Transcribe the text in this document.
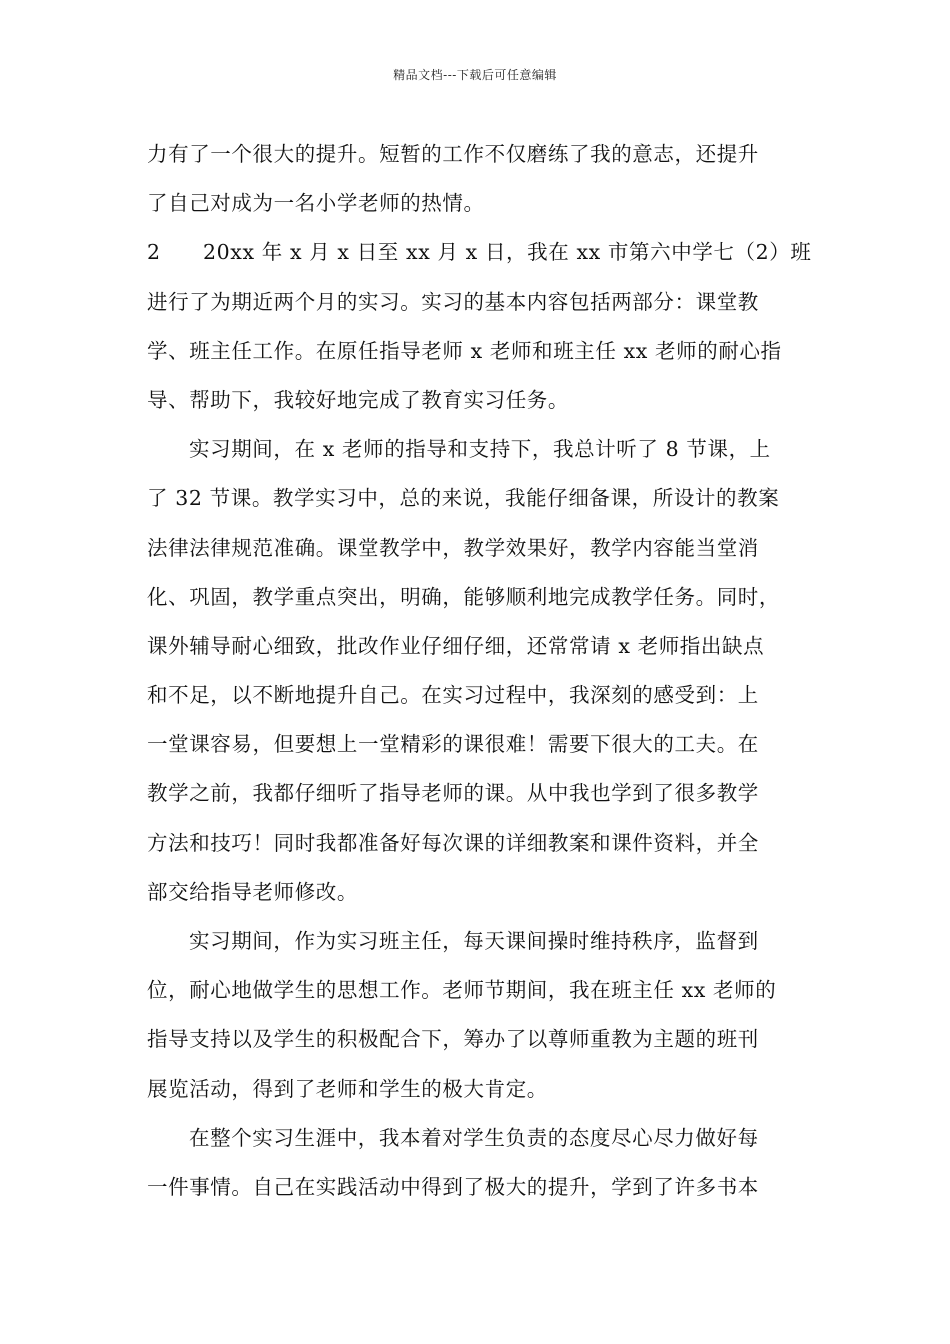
精品文档---下载后可任意编辑
力有了一个很大的提升。短暂的工作不仅磨练了我的意志，还提升
了自己对成为一名小学老师的热情。
2 20xx 年 x 月 x 日至 xx 月 x 日，我在 xx 市第六中学七（2）班
进行了为期近两个月的实习。实习的基本内容包括两部分：课堂教
学、班主任工作。在原任指导老师 x 老师和班主任 xx 老师的耐心指
导、帮助下，我较好地完成了教育实习任务。
实习期间，在 x 老师的指导和支持下，我总计听了 8 节课，上
了 32 节课。教学实习中，总的来说，我能仔细备课，所设计的教案
法律法律规范准确。课堂教学中，教学效果好，教学内容能当堂消
化、巩固，教学重点突出，明确，能够顺利地完成教学任务。同时，
课外辅导耐心细致，批改作业仔细仔细，还常常请 x 老师指出缺点
和不足，以不断地提升自己。在实习过程中，我深刻的感受到：上
一堂课容易，但要想上一堂精彩的课很难！需要下很大的工夫。在
教学之前，我都仔细听了指导老师的课。从中我也学到了很多教学
方法和技巧！同时我都准备好每次课的详细教案和课件资料，并全
部交给指导老师修改。
实习期间，作为实习班主任，每天课间操时维持秩序，监督到
位，耐心地做学生的思想工作。老师节期间，我在班主任 xx 老师的
指导支持以及学生的积极配合下，筹办了以尊师重教为主题的班刊
展览活动，得到了老师和学生的极大肯定。
在整个实习生涯中，我本着对学生负责的态度尽心尽力做好每
一件事情。自己在实践活动中得到了极大的提升，学到了许多书本
